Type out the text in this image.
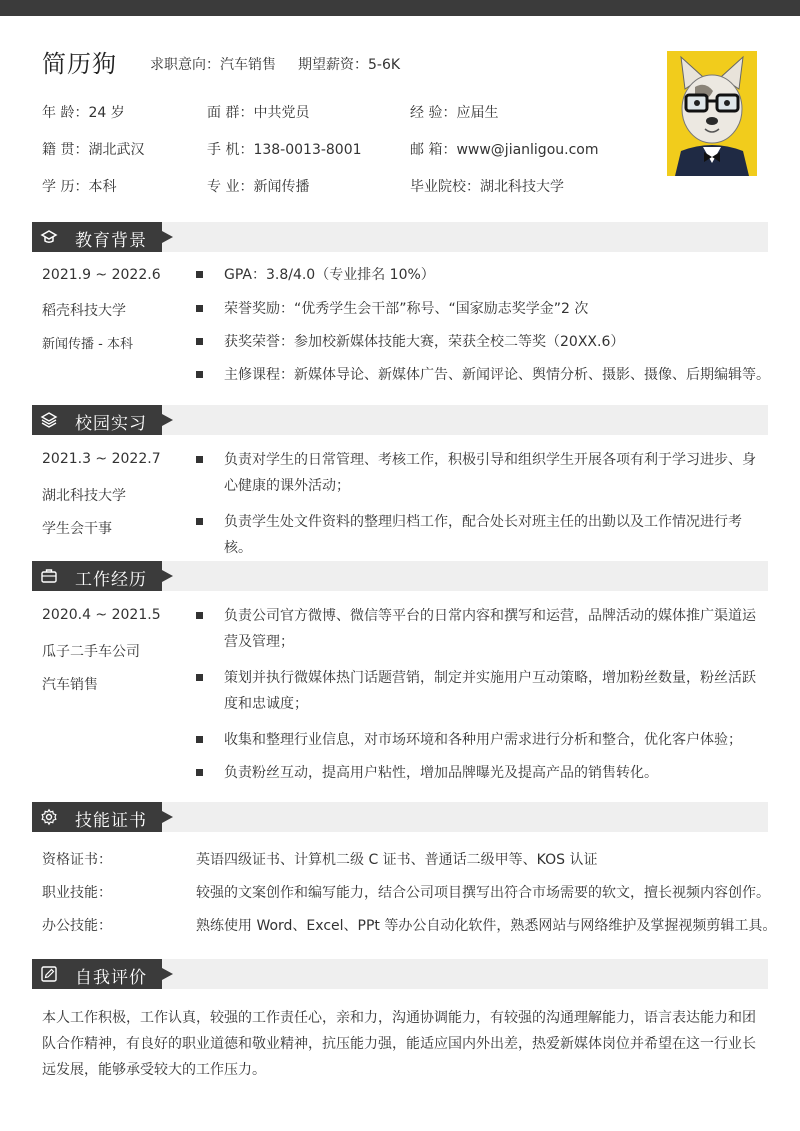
简历狗 求职意向：汽车销售 期望薪资：5-6K
年 龄：24 岁	面 群：中共党员	经 验：应届生
籍 贯：湖北武汉	手 机：138-0013-8001	邮 箱：www@jianligou.com
学 历：本科	专 业：新闻传播	毕业院校：湖北科技大学
教育背景
2021.9 ~ 2022.6
稻壳科技大学
新闻传播 - 本科
GPA：3.8/4.0（专业排名 10%）
荣誉奖励：“优秀学生会干部”称号、“国家励志奖学金”2 次
获奖荣誉：参加校新媒体技能大赛，荣获全校二等奖（20XX.6）
主修课程：新媒体导论、新媒体广告、新闻评论、舆情分析、摄影、摄像、后期编辑等。
校园实习
2021.3 ~ 2022.7
湖北科技大学
学生会干事
负责对学生的日常管理、考核工作，积极引导和组织学生开展各项有利于学习进步、身心健康的课外活动；
负责学生处文件资料的整理归档工作，配合处长对班主任的出勤以及工作情况进行考核。
工作经历
2020.4 ~ 2021.5
瓜子二手车公司
汽车销售
负责公司官方微博、微信等平台的日常内容和撰写和运营，品牌活动的媒体推广渠道运营及管理；
策划并执行微媒体热门话题营销，制定并实施用户互动策略，增加粉丝数量，粉丝活跃度和忠诚度；
收集和整理行业信息，对市场环境和各种用户需求进行分析和整合，优化客户体验；
负责粉丝互动，提高用户粘性，增加品牌曝光及提高产品的销售转化。
技能证书
资格证书：	英语四级证书、计算机二级 C 证书、普通话二级甲等、KOS 认证
职业技能：	较强的文案创作和编写能力，结合公司项目撰写出符合市场需要的软文，擅长视频内容创作。
办公技能：	熟练使用 Word、Excel、PPt 等办公自动化软件，熟悉网站与网络维护及掌握视频剪辑工具。
自我评价
本人工作积极，工作认真，较强的工作责任心，亲和力，沟通协调能力，有较强的沟通理解能力，语言表达能力和团队合作精神，有良好的职业道德和敬业精神，抗压能力强，能适应国内外出差，热爱新媒体岗位并希望在这一行业长远发展，能够承受较大的工作压力。
